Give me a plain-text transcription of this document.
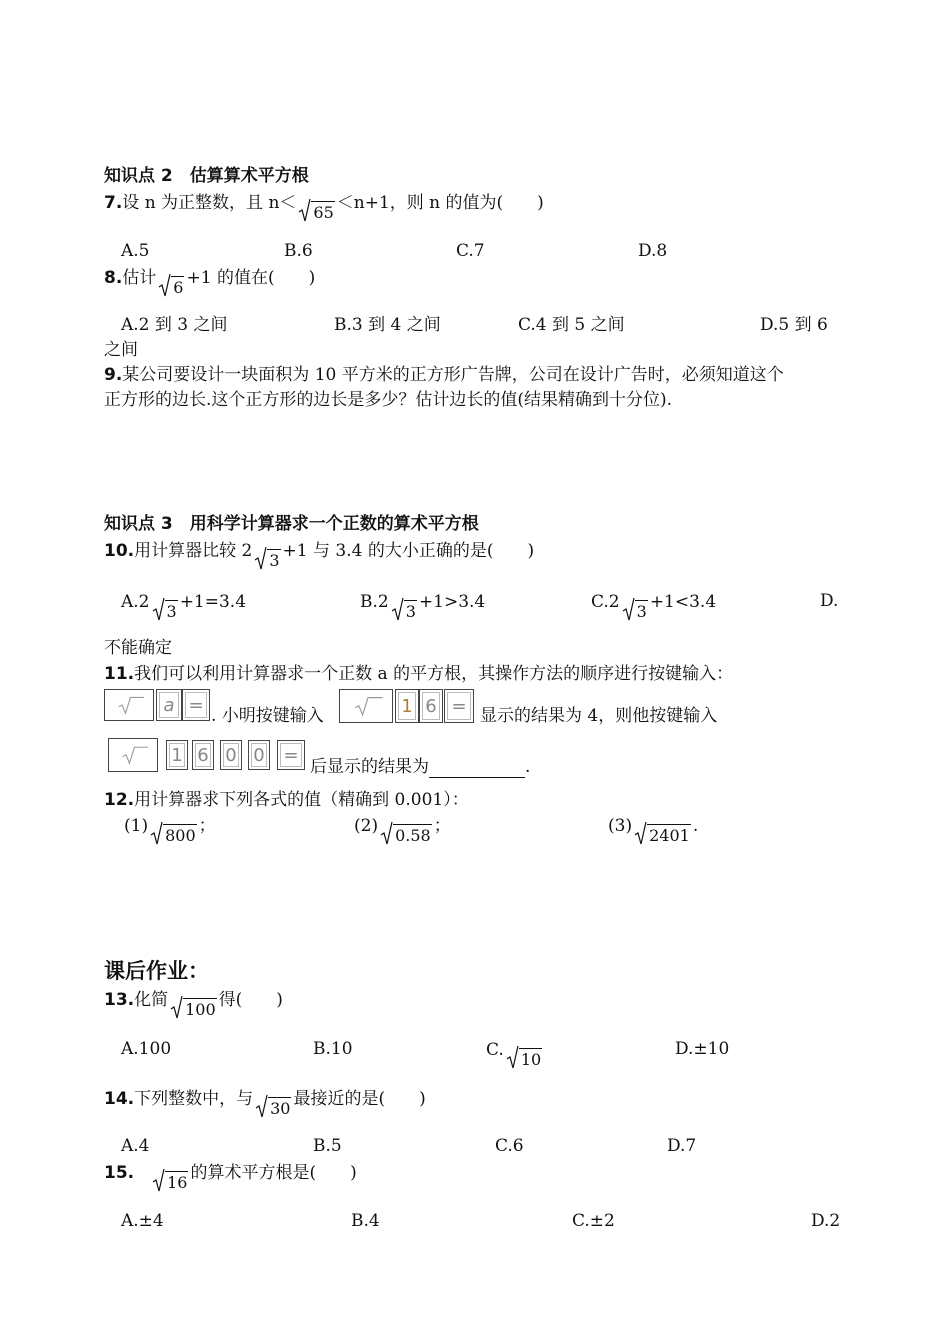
知识点 2　估算算术平方根
7.设 n 为正整数，且 n＜ 65 ＜n+1，则 n 的值为(　　)
A.5	B.6	C.7	D.8
8.估计 6 +1 的值在(　　)
A.2 到 3 之间	B.3 到 4 之间	C.4 到 5 之间	D.5 到 6
之间
9.某公司要设计一块面积为 10 平方米的正方形广告牌，公司在设计广告时，必须知道这个
正方形的边长.这个正方形的边长是多少？估计边长的值(结果精确到十分位).
知识点 3　用科学计算器求一个正数的算术平方根
10.用计算器比较 2 3 +1 与 3.4 的大小正确的是(　　)
A.2 3 +1=3.4	B.2 3 +1>3.4	C.2 3 +1<3.4	D.
不能确定
11.我们可以利用计算器求一个正数 a 的平方根，其操作方法的顺序进行按键输入：
a =
. 小明按键输入	1 6 = 显示的结果为 4，则他按键输入
1 6 0 0	=
后显示的结果为	.
12.用计算器求下列各式的值（精确到 0.001）：
(1) 800 ；	(2) 0.58 ；	(3) 2401 .
课后作业：
13.化简 100 得(　　)
A.100	B.10	C. 10
D.±10
14.下列整数中，与 30 最接近的是(　　)
A.4	B.5	C.6	D.7
15. 16 的算术平方根是(　　)
A.±4	B.4	C.±2	D.2
